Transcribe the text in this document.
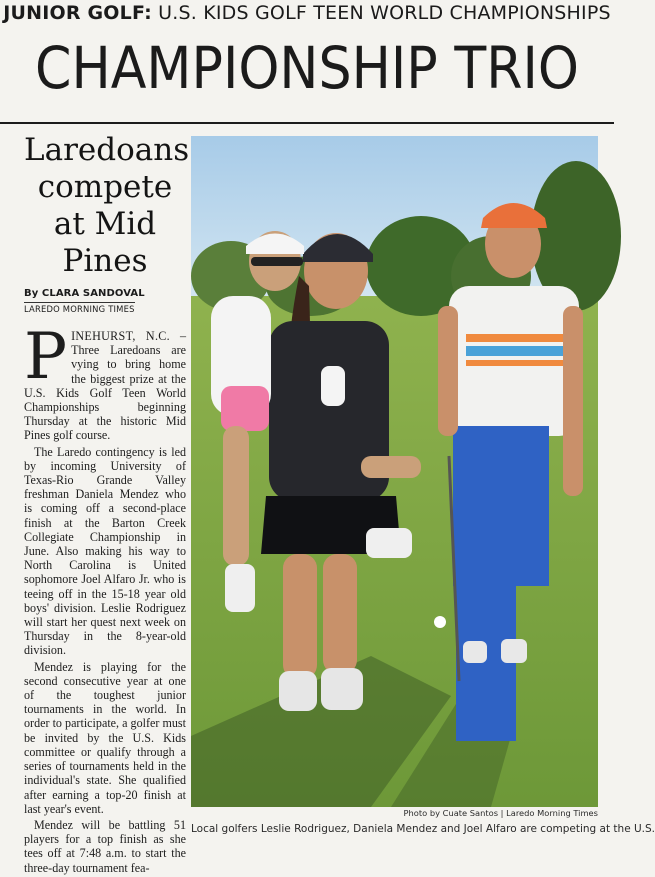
JUNIOR GOLF: U.S. KIDS GOLF TEEN WORLD CHAMPIONSHIPS
CHAMPIONSHIP TRIO
Laredoans compete at Mid Pines
By CLARA SANDOVAL
LAREDO MORNING TIMES

PINEHURST, N.C. – Three Laredoans are vying to bring home the biggest prize at the U.S. Kids Golf Teen World Championships beginning Thursday at the historic Mid Pines golf course.

The Laredo contingency is led by incoming University of Texas-Rio Grande Valley freshman Daniela Mendez who is coming off a second-place finish at the Barton Creek Collegiate Championship in June. Also making his way to North Carolina is United sophomore Joel Alfaro Jr. who is teeing off in the 15-18 year old boys' division. Leslie Rodriguez will start her quest next week on Thursday in the 8-year-old division.

Mendez is playing for the second consecutive year at one of the toughest junior tournaments in the world. In order to participate, a golfer must be invited by the U.S. Kids committee or qualify through a series of tournaments held in the individual's state. She qualified after earning a top-20 finish at last year's event.

Mendez will be battling 51 players for a top finish as she tees off at 7:48 a.m. to start the three-day tournament fea-

Photo by Cuate Santos | Laredo Morning Times
Local golfers Leslie Rodriguez, Daniela Mendez and Joel Alfaro are competing at the U.S.
